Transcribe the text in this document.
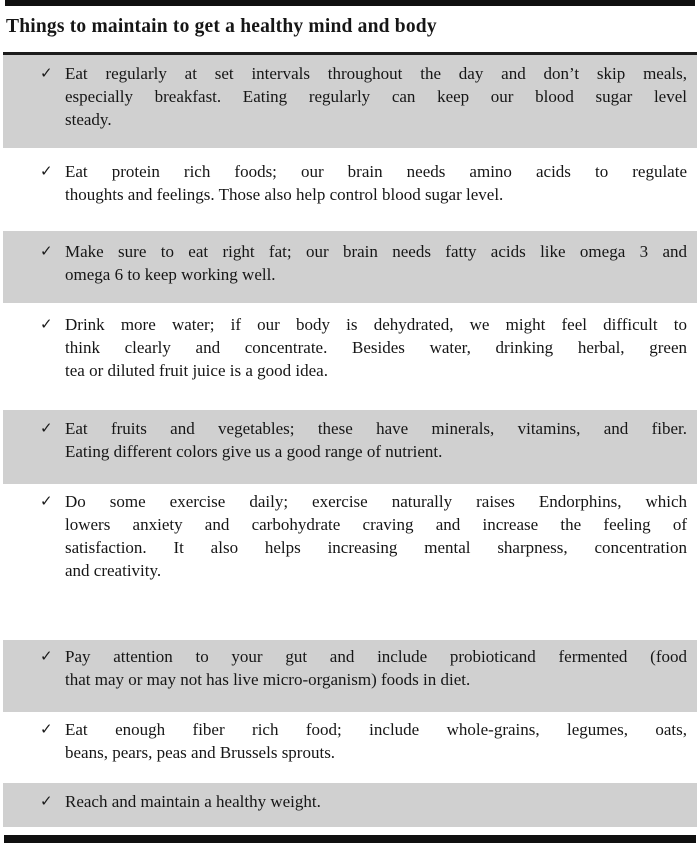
Things to maintain to get a healthy mind and body
✓ Eat regularly at set intervals throughout the day and don’t skip meals,
especially breakfast. Eating regularly can keep our blood sugar level
steady.
✓ Eat protein rich foods; our brain needs amino acids to regulate
thoughts and feelings. Those also help control blood sugar level.
✓ Make sure to eat right fat; our brain needs fatty acids like omega 3 and
omega 6 to keep working well.
✓ Drink more water; if our body is dehydrated, we might feel difficult to
think clearly and concentrate. Besides water, drinking herbal, green
tea or diluted fruit juice is a good idea.
✓ Eat fruits and vegetables; these have minerals, vitamins, and fiber.
Eating different colors give us a good range of nutrient.
✓ Do some exercise daily; exercise naturally raises Endorphins, which
lowers anxiety and carbohydrate craving and increase the feeling of
satisfaction. It also helps increasing mental sharpness, concentration
and creativity.
✓ Pay attention to your gut and include probioticand fermented (food
that may or may not has live micro-organism) foods in diet.
✓ Eat enough fiber rich food; include whole-grains, legumes, oats,
beans, pears, peas and Brussels sprouts.
✓ Reach and maintain a healthy weight.
